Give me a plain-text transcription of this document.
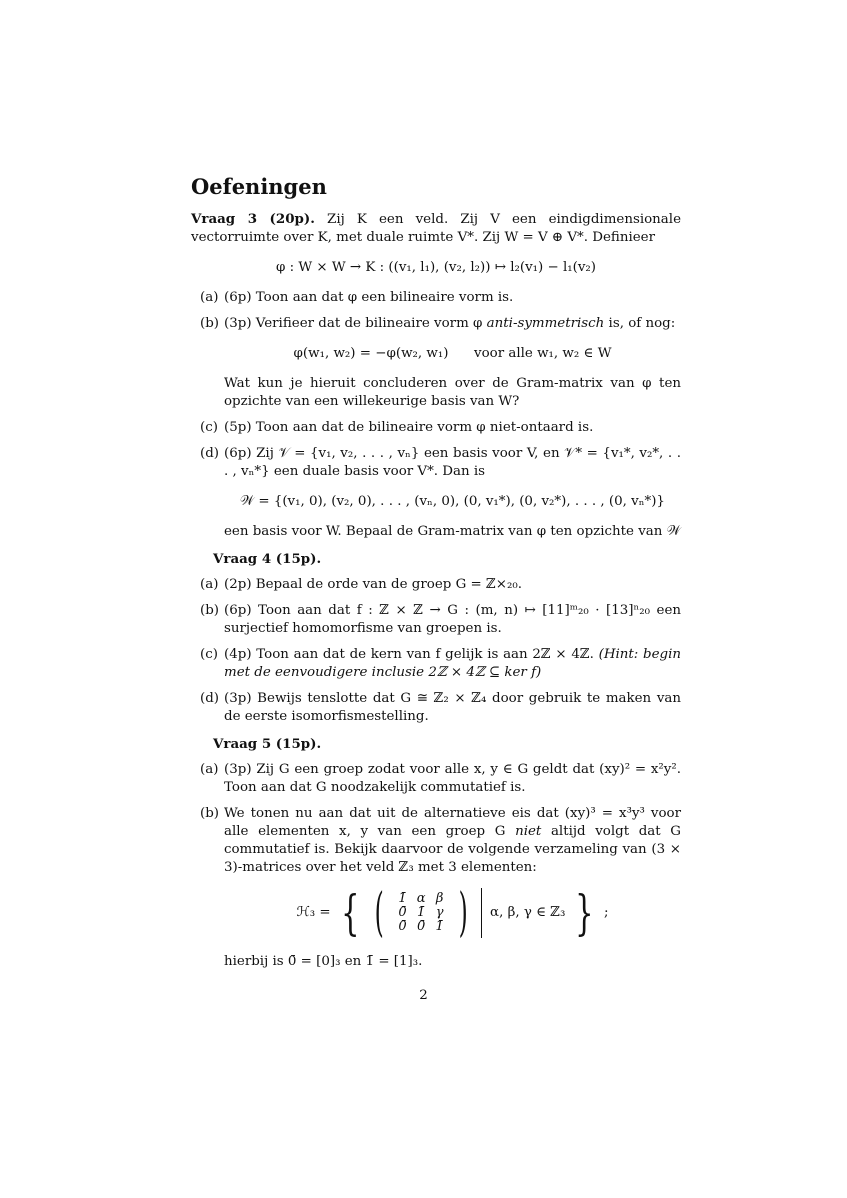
Oefeningen

Vraag 3 (20p). Zij K een veld. Zij V een eindigdimensionale vectorruimte over K, met duale ruimte V*. Zij W = V ⊕ V*. Definieer

φ : W × W → K : ((v₁, l₁), (v₂, l₂)) ↦ l₂(v₁) − l₁(v₂)
(a) (6p) Toon aan dat φ een bilineaire vorm is.
(b) (3p) Verifieer dat de bilineaire vorm φ anti-symmetrisch is, of nog:
φ(w₁, w₂) = −φ(w₂, w₁)      voor alle w₁, w₂ ∈ W
Wat kun je hieruit concluderen over de Gram-matrix van φ ten opzichte van een willekeurige basis van W?
(c) (5p) Toon aan dat de bilineaire vorm φ niet-ontaard is.
(d) (6p) Zij 𝒱 = {v₁, v₂, . . . , vₙ} een basis voor V, en 𝒱* = {v₁*, v₂*, . . . , vₙ*} een duale basis voor V*. Dan is
𝒲 = {(v₁, 0), (v₂, 0), . . . , (vₙ, 0), (0, v₁*), (0, v₂*), . . . , (0, vₙ*)}
een basis voor W. Bepaal de Gram-matrix van φ ten opzichte van 𝒲
Vraag 4 (15p).
(a) (2p) Bepaal de orde van de groep G = ℤ×₂₀.
(b) (6p) Toon aan dat f : ℤ × ℤ → G : (m, n) ↦ [11]ᵐ₂₀ · [13]ⁿ₂₀ een surjectief homomorfisme van groepen is.
(c) (4p) Toon aan dat de kern van f gelijk is aan 2ℤ × 4ℤ. (Hint: begin met de eenvoudigere inclusie 2ℤ × 4ℤ ⊆ ker f)
(d) (3p) Bewijs tenslotte dat G ≅ ℤ₂ × ℤ₄ door gebruik te maken van de eerste isomorfismestelling.
Vraag 5 (15p).
(a) (3p) Zij G een groep zodat voor alle x, y ∈ G geldt dat (xy)² = x²y². Toon aan dat G noodzakelijk commutatief is.
(b) We tonen nu aan dat uit de alternatieve eis dat (xy)³ = x³y³ voor alle elementen x, y van een groep G niet altijd volgt dat G commutatief is. Bekijk daarvoor de volgende verzameling van (3 × 3)-matrices over het veld ℤ₃ met 3 elementen:
ℋ₃ = { ( 1̄	α	β
0̄	1̄	γ
0̄	0̄	1̄ ) α, β, γ ∈ ℤ₃ } ;
hierbij is 0̄ = [0]₃ en 1̄ = [1]₃.
2
